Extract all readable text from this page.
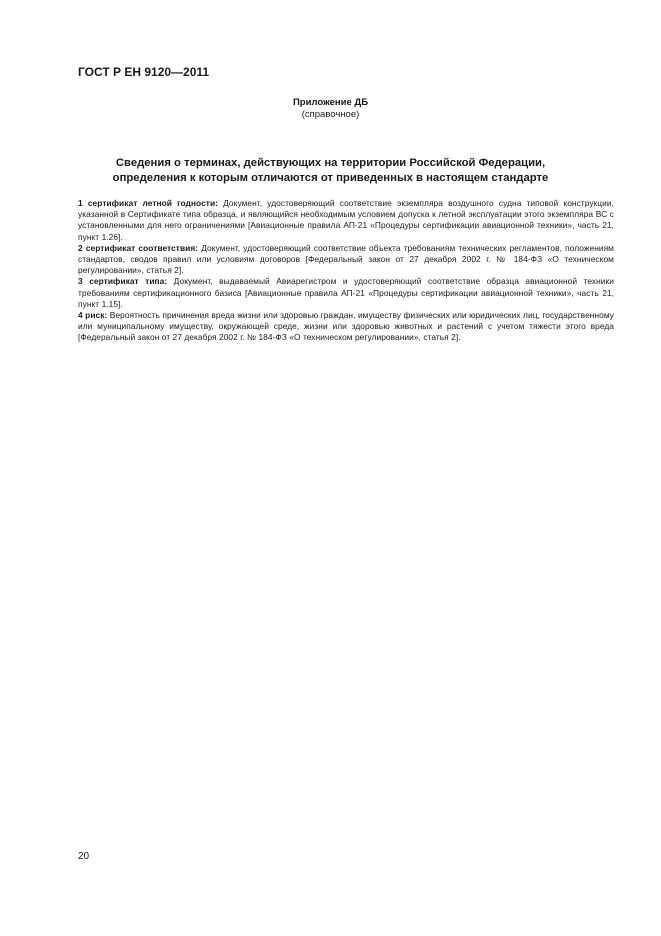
ГОСТ Р ЕН 9120—2011
Приложение ДБ
(справочное)
Сведения о терминах, действующих на территории Российской Федерации,
определения к которым отличаются от приведенных в настоящем стандарте

1 сертификат летной годности: Документ, удостоверяющий соответствие экземпляра воздушного судна типовой конструкции, указанной в Сертификате типа образца, и являющийся необходимым условием допуска к летной эксплуатации этого экземпляра ВС с установленными для него ограничениями [Авиационные правила АП-21 «Процедуры сертификации авиационной техники», часть 21, пункт 1.26].

2 сертификат соответствия: Документ, удостоверяющий соответствие объекта требованиям технических регламентов, положениям стандартов, сводов правил или условиям договоров [Федеральный закон от 27 декабря 2002 г. № 184-ФЗ «О техническом регулировании», статья 2].

3 сертификат типа: Документ, выдаваемый Авиарегистром и удостоверяющий соответствие образца авиационной техники требованиям сертификационного базиса [Авиационные правила АП-21 «Процедуры сертификации авиационной техники», часть 21, пункт 1.15].

4 риск: Вероятность причинения вреда жизни или здоровью граждан, имуществу физических или юридических лиц, государственному или муниципальному имуществу, окружающей среде, жизни или здоровью животных и растений с учетом тяжести этого вреда [Федеральный закон от 27 декабря 2002 г. № 184-ФЗ «О техническом регулировании», статья 2].

20
